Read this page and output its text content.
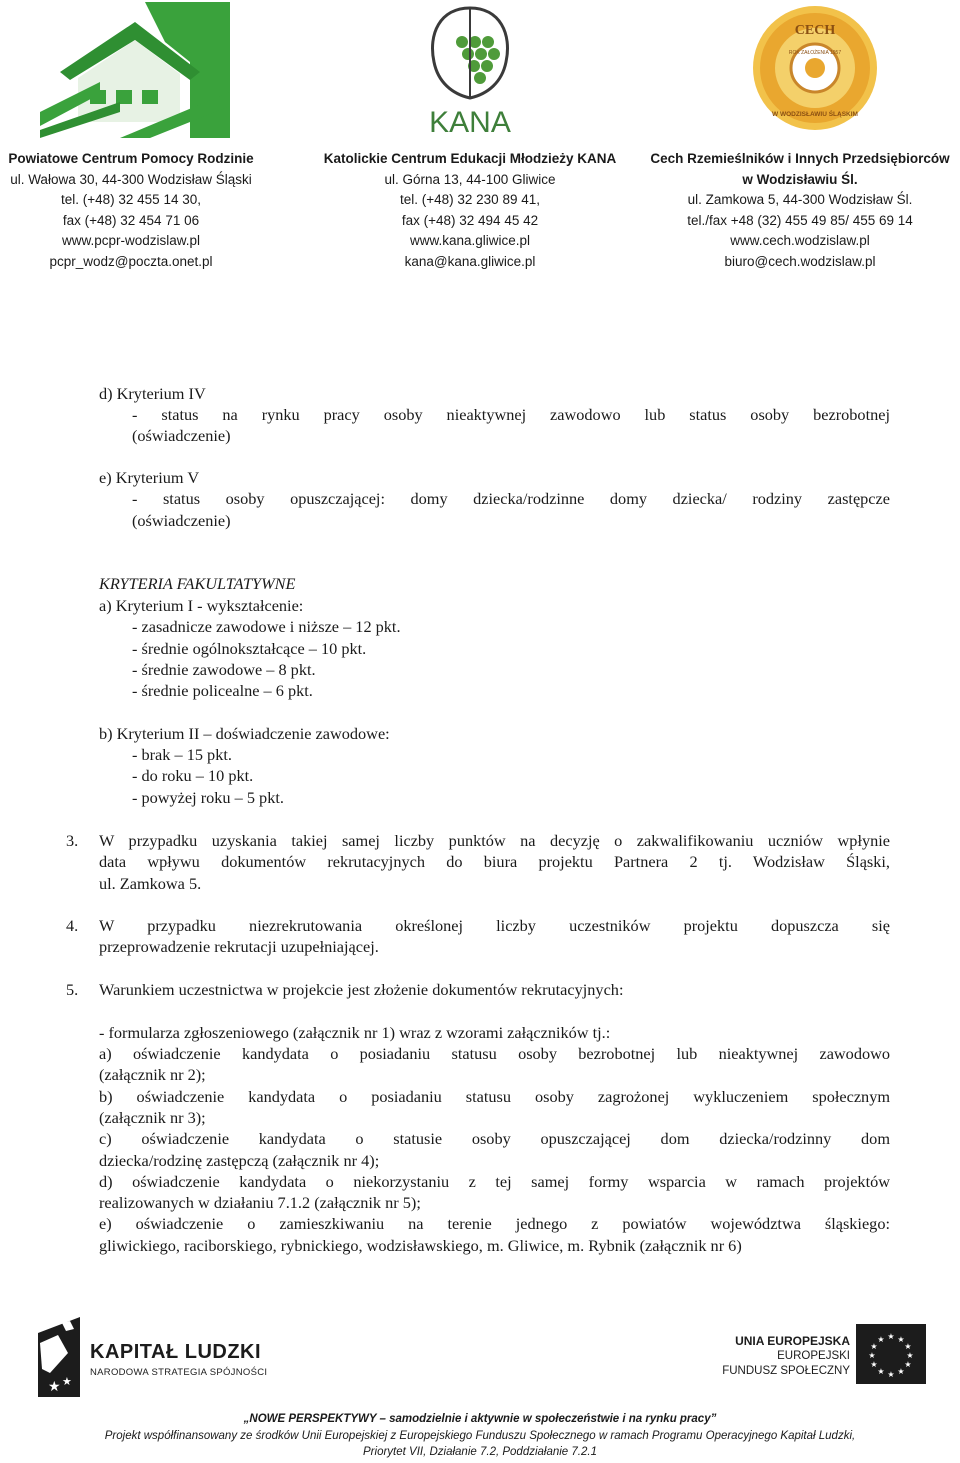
KANA
CECH
ROK ZAŁOŻENIA 1957
W WODZISŁAWIU ŚLĄSKIM
Powiatowe Centrum Pomocy Rodzinie
ul. Wałowa 30, 44-300 Wodzisław Śląski
tel. (+48) 32 455 14 30,
fax (+48) 32 454 71 06
www.pcpr-wodzislaw.pl
pcpr_wodz@poczta.onet.pl
Katolickie Centrum Edukacji Młodzieży KANA
ul. Górna 13, 44-100 Gliwice
tel. (+48) 32 230 89 41,
fax (+48) 32 494 45 42
www.kana.gliwice.pl
kana@kana.gliwice.pl
Cech Rzemieślników i Innych Przedsiębiorców
w Wodzisławiu Śl.
ul. Zamkowa 5, 44-300 Wodzisław Śl.
tel./fax +48 (32) 455 49 85/ 455 69 14
www.cech.wodzislaw.pl
biuro@cech.wodzislaw.pl
d) Kryterium IV
- status na rynku pracy osoby nieaktywnej zawodowo lub status osoby bezrobotnej
(oświadczenie)
e) Kryterium V
- status osoby opuszczającej: domy dziecka/rodzinne domy dziecka/ rodziny zastępcze
(oświadczenie)
KRYTERIA FAKULTATYWNE
a) Kryterium I - wykształcenie:
- zasadnicze zawodowe i niższe – 12 pkt.
- średnie ogólnokształcące – 10 pkt.
- średnie zawodowe – 8 pkt.
- średnie policealne – 6 pkt.
b) Kryterium II – doświadczenie zawodowe:
- brak – 15 pkt.
- do roku – 10 pkt.
- powyżej roku – 5 pkt.
3. W przypadku uzyskania takiej samej liczby punktów na decyzję o zakwalifikowaniu uczniów wpłynie
data wpływu dokumentów rekrutacyjnych do biura projektu Partnera 2 tj. Wodzisław Śląski,
ul. Zamkowa 5.
4. W przypadku niezrekrutowania określonej liczby uczestników projektu dopuszcza się
przeprowadzenie rekrutacji uzupełniającej.
5. Warunkiem uczestnictwa w projekcie jest złożenie dokumentów rekrutacyjnych:
- formularza zgłoszeniowego (załącznik nr 1) wraz z wzorami załączników tj.:
a) oświadczenie kandydata o posiadaniu statusu osoby bezrobotnej lub nieaktywnej zawodowo
(załącznik nr 2);
b) oświadczenie kandydata o posiadaniu statusu osoby zagrożonej wykluczeniem społecznym
(załącznik nr 3);
c) oświadczenie kandydata o statusie osoby opuszczającej dom dziecka/rodzinny dom
dziecka/rodzinę zastępczą (załącznik nr 4);
d) oświadczenie kandydata o niekorzystaniu z tej samej formy wsparcia w ramach projektów
realizowanych w działaniu 7.1.2 (załącznik nr 5);
e) oświadczenie o zamieszkiwaniu na terenie jednego z powiatów województwa śląskiego:
gliwickiego, raciborskiego, rybnickiego, wodzisławskiego, m. Gliwice, m. Rybnik (załącznik nr 6)
★ ★
KAPITAŁ LUDZKI
NARODOWA STRATEGIA SPÓJNOŚCI
UNIA EUROPEJSKA
EUROPEJSKI
FUNDUSZ SPOŁECZNY
★ ★
★
★
★
★
★
★
★
★
★
★
„NOWE PERSPEKTYWY – samodzielnie i aktywnie w społeczeństwie i na rynku pracy”
Projekt współfinansowany ze środków Unii Europejskiej z Europejskiego Funduszu Społecznego w ramach Programu Operacyjnego Kapitał Ludzki,
Priorytet VII, Działanie 7.2, Poddziałanie 7.2.1
